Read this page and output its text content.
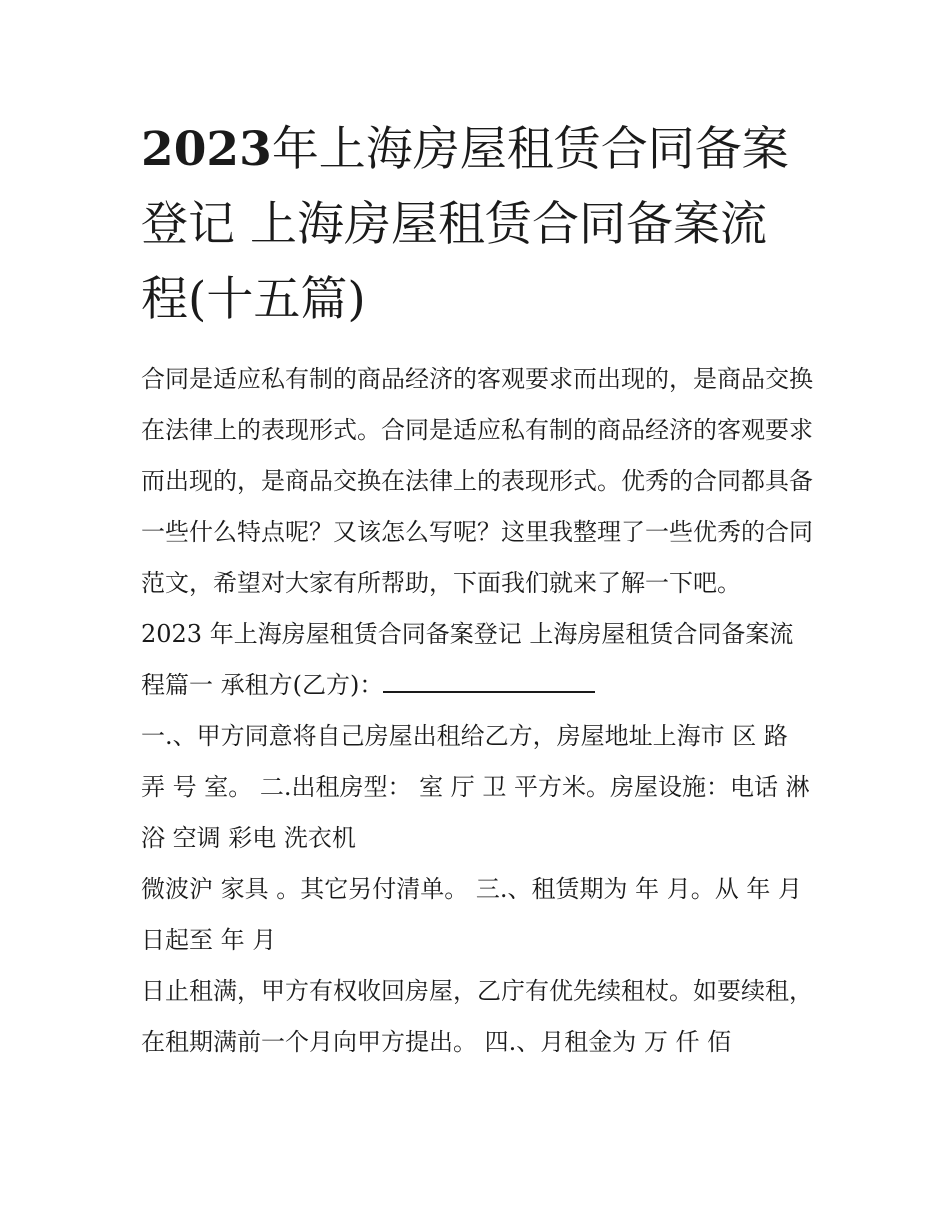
2023年上海房屋租赁合同备案登记 上海房屋租赁合同备案流程(十五篇)

合同是适应私有制的商品经济的客观要求而出现的，是商品交换在法律上的表现形式。合同是适应私有制的商品经济的客观要求而出现的，是商品交换在法律上的表现形式。优秀的合同都具备一些什么特点呢？又该怎么写呢？这里我整理了一些优秀的合同范文，希望对大家有所帮助，下面我们就来了解一下吧。

2023 年上海房屋租赁合同备案登记 上海房屋租赁合同备案流程篇一 承租方(乙方)：

一.、甲方同意将自己房屋出租给乙方，房屋地址上海市 区 路 弄 号 室。 二.出租房型： 室 厅 卫 平方米。房屋设施：电话 淋浴 空调 彩电 洗衣机

微波沪 家具 。其它另付清单。 三.、租赁期为 年 月。从 年 月 日起至 年 月

日止租满，甲方有权收回房屋，乙庁有优先续租杖。如要续租，在租期满前一个月向甲方提出。 四.、月租金为 万 仟 佰
